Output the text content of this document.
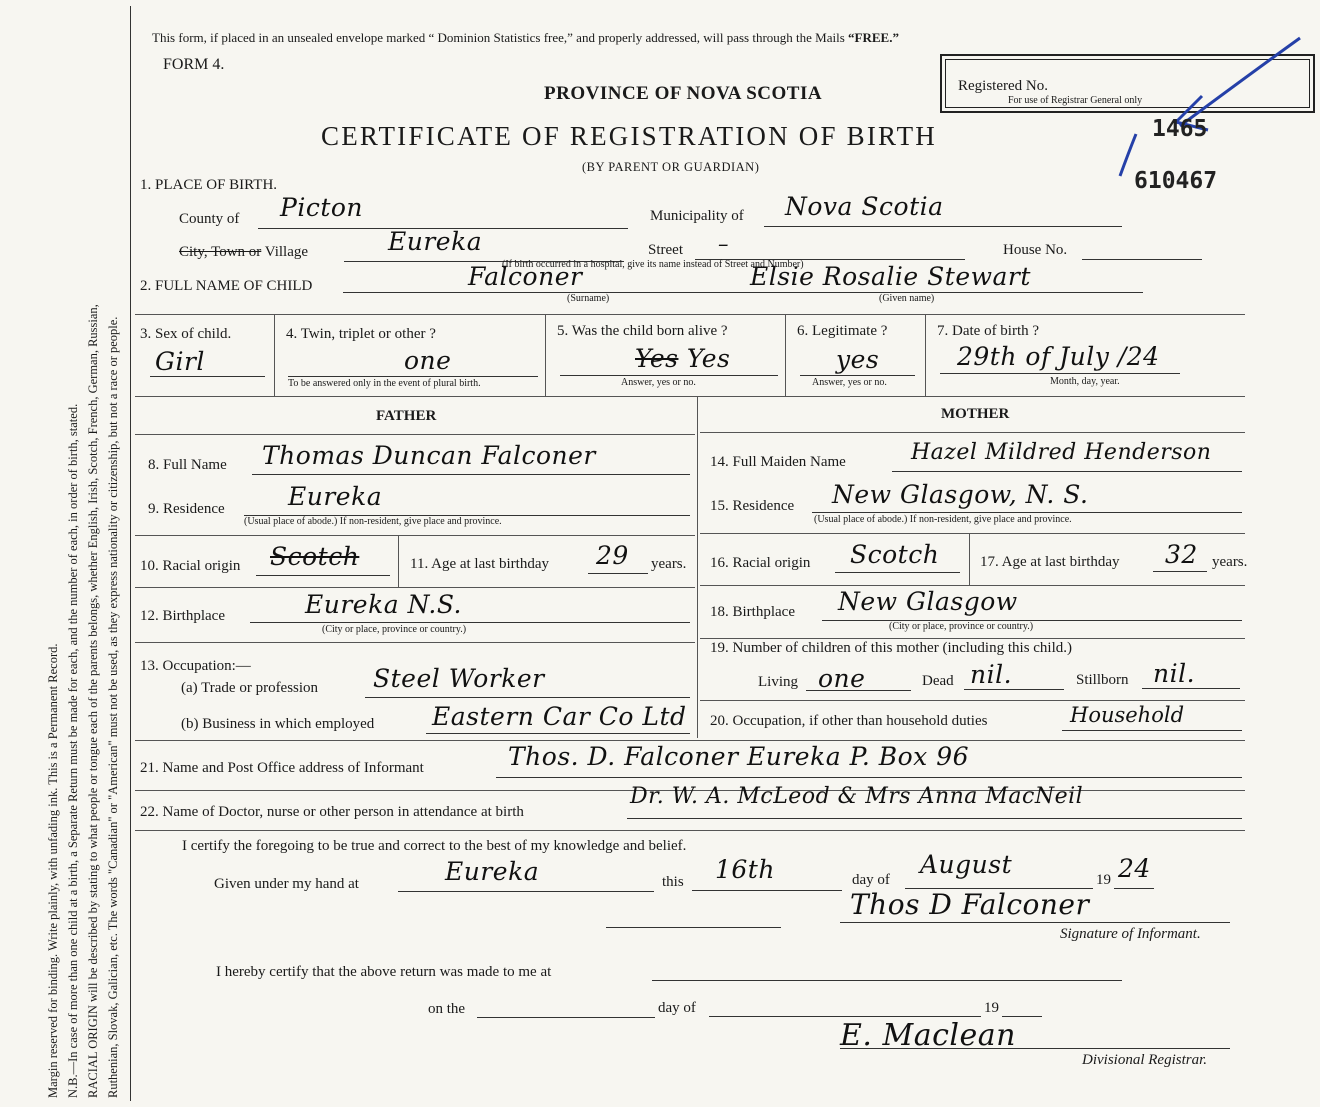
Margin reserved for binding. Write plainly, with unfading ink. This is a Permanent Record. N.B.—In case of more than one child at a birth, a Separate Return must be made for each, and the number of each, in order of birth, stated. RACIAL ORIGIN will be described by stating to what people or tongue each of the parents belongs, whether English, Irish, Scotch, French, German, Russian, Ruthenian, Slovak, Galician, etc. The words "Canadian" or "American" must not be used, as they express nationality or citizenship, but not a race or people.
This form, if placed in an unsealed envelope marked “ Dominion Statistics free,” and properly addressed, will pass through the Mails “FREE.”
FORM 4.
PROVINCE OF NOVA SCOTIA
CERTIFICATE OF REGISTRATION OF BIRTH
(BY PARENT OR GUARDIAN)
Registered No.
For use of Registrar General only
1465
610467
1. PLACE OF BIRTH.
County of Picton	Municipality of Nova Scotia
City, Town or Village	Eureka	Street –	House No.
(If birth occurred in a hospital, give its name instead of Street and Number)
2. FULL NAME OF CHILD	Falconer
(Surname)
Elsie Rosalie Stewart
(Given name)
3. Sex of child.
Girl
4. Twin, triplet or other ?
one
To be answered only in the event of plural birth.
5. Was the child born alive ?
Yes Yes
Answer, yes or no.
6. Legitimate ?
yes
Answer, yes or no.
7. Date of birth ?
29th of July /24
Month, day, year.
FATHER	MOTHER
8. Full Name Thomas Duncan Falconer
9. Residence	Eureka
(Usual place of abode.) If non-resident, give place and province.
10. Racial origin Scotch	11. Age at last birthday 29 years.
12. Birthplace	Eureka N.S.
(City or place, province or country.)
13. Occupation:—
(a) Trade or profession Steel Worker
(b) Business in which employed Eastern Car Co Ltd
14. Full Maiden Name	Hazel Mildred Henderson
15. Residence New Glasgow, N. S.
(Usual place of abode.) If non-resident, give place and province.
16. Racial origin Scotch	17. Age at last birthday 32 years.
18. Birthplace New Glasgow
(City or place, province or country.)
19. Number of children of this mother (including this child.)
Living one	Dead nil.	Stillborn nil.
20. Occupation, if other than household duties	Household
21. Name and Post Office address of Informant	Thos. D. Falconer Eureka P. Box 96
22. Name of Doctor, nurse or other person in attendance at birth
Dr. W. A. McLeod & Mrs Anna MacNeil
I certify the foregoing to be true and correct to the best of my knowledge and belief.
Given under my hand at	Eureka	this 16th	day of
August
19 24
Thos D Falconer
Signature of Informant.
I hereby certify that the above return was made to me at
on the	day of	19
E. Maclean
Divisional Registrar.
